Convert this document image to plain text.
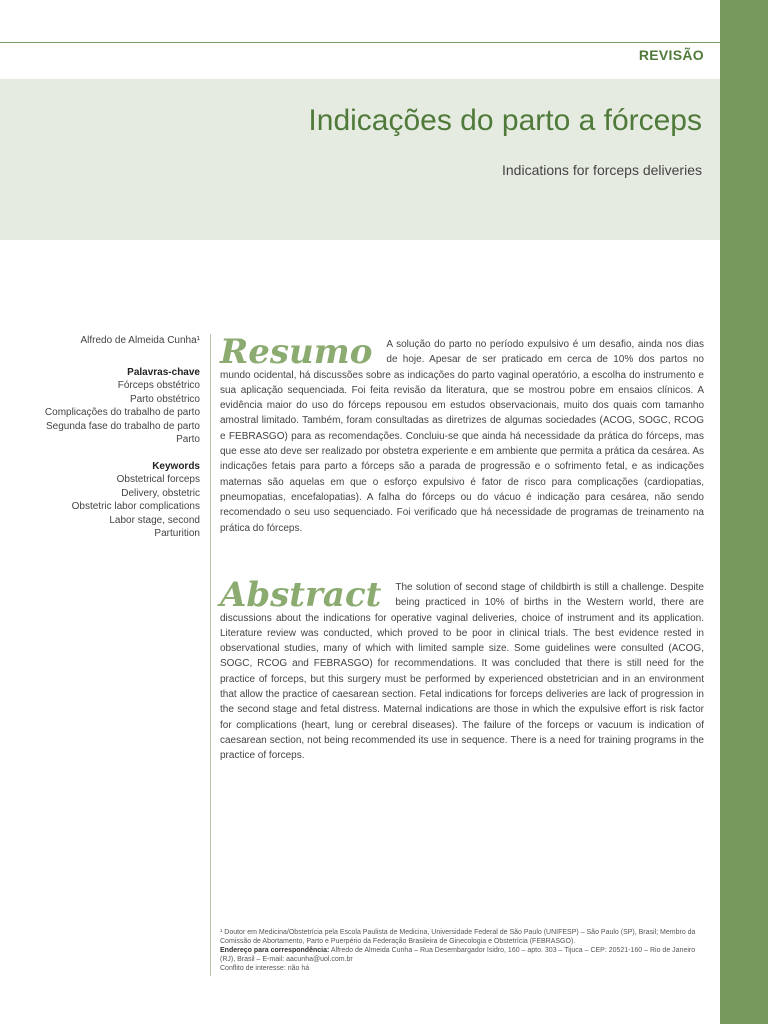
REVISÃO
Indicações do parto a fórceps
Indications for forceps deliveries
Alfredo de Almeida Cunha¹
Palavras-chave
Fórceps obstétrico
Parto obstétrico
Complicações do trabalho de parto
Segunda fase do trabalho de parto
Parto
Keywords
Obstetrical forceps
Delivery, obstetric
Obstetric labor complications
Labor stage, second
Parturition
Resumo A solução do parto no período expulsivo é um desafio, ainda nos dias de hoje. Apesar de ser praticado em cerca de 10% dos partos no mundo ocidental, há discussões sobre as indicações do parto vaginal operatório, a escolha do instrumento e sua aplicação sequenciada. Foi feita revisão da literatura, que se mostrou pobre em ensaios clínicos. A evidência maior do uso do fórceps repousou em estudos observacionais, muito dos quais com tamanho amostral limitado. Também, foram consultadas as diretrizes de algumas sociedades (ACOG, SOGC, RCOG e FEBRASGO) para as recomendações. Concluiu-se que ainda há necessidade da prática do fórceps, mas que esse ato deve ser realizado por obstetra experiente e em ambiente que permita a prática da cesárea. As indicações fetais para parto a fórceps são a parada de progressão e o sofrimento fetal, e as indicações maternas são aquelas em que o esforço expulsivo é fator de risco para complicações (cardiopatias, pneumopatias, encefalopatias). A falha do fórceps ou do vácuo é indicação para cesárea, não sendo recomendado o seu uso sequenciado. Foi verificado que há necessidade de programas de treinamento na prática do fórceps.
Abstract The solution of second stage of childbirth is still a challenge. Despite being practiced in 10% of births in the Western world, there are discussions about the indications for operative vaginal deliveries, choice of instrument and its application. Literature review was conducted, which proved to be poor in clinical trials. The best evidence rested in observational studies, many of which with limited sample size. Some guidelines were consulted (ACOG, SOGC, RCOG and FEBRASGO) for recommendations. It was concluded that there is still need for the practice of forceps, but this surgery must be performed by experienced obstetrician and in an environment that allow the practice of caesarean section. Fetal indications for forceps deliveries are lack of progression in the second stage and fetal distress. Maternal indications are those in which the expulsive effort is risk factor for complications (heart, lung or cerebral diseases). The failure of the forceps or vacuum is indication of caesarean section, not being recommended its use in sequence. There is a need for training programs in the practice of forceps.
¹ Doutor em Medicina/Obstetrícia pela Escola Paulista de Medicina, Universidade Federal de São Paulo (UNIFESP) – São Paulo (SP), Brasil; Membro da Comissão de Abortamento, Parto e Puerpério da Federação Brasileira de Ginecologia e Obstetrícia (FEBRASGO).
Endereço para correspondência: Alfredo de Almeida Cunha – Rua Desembargador Isidro, 160 – apto. 303 – Tijuca – CEP: 20521-160 – Rio de Janeiro (RJ), Brasil – E-mail: aacunha@uol.com.br
Conflito de interesse: não há
